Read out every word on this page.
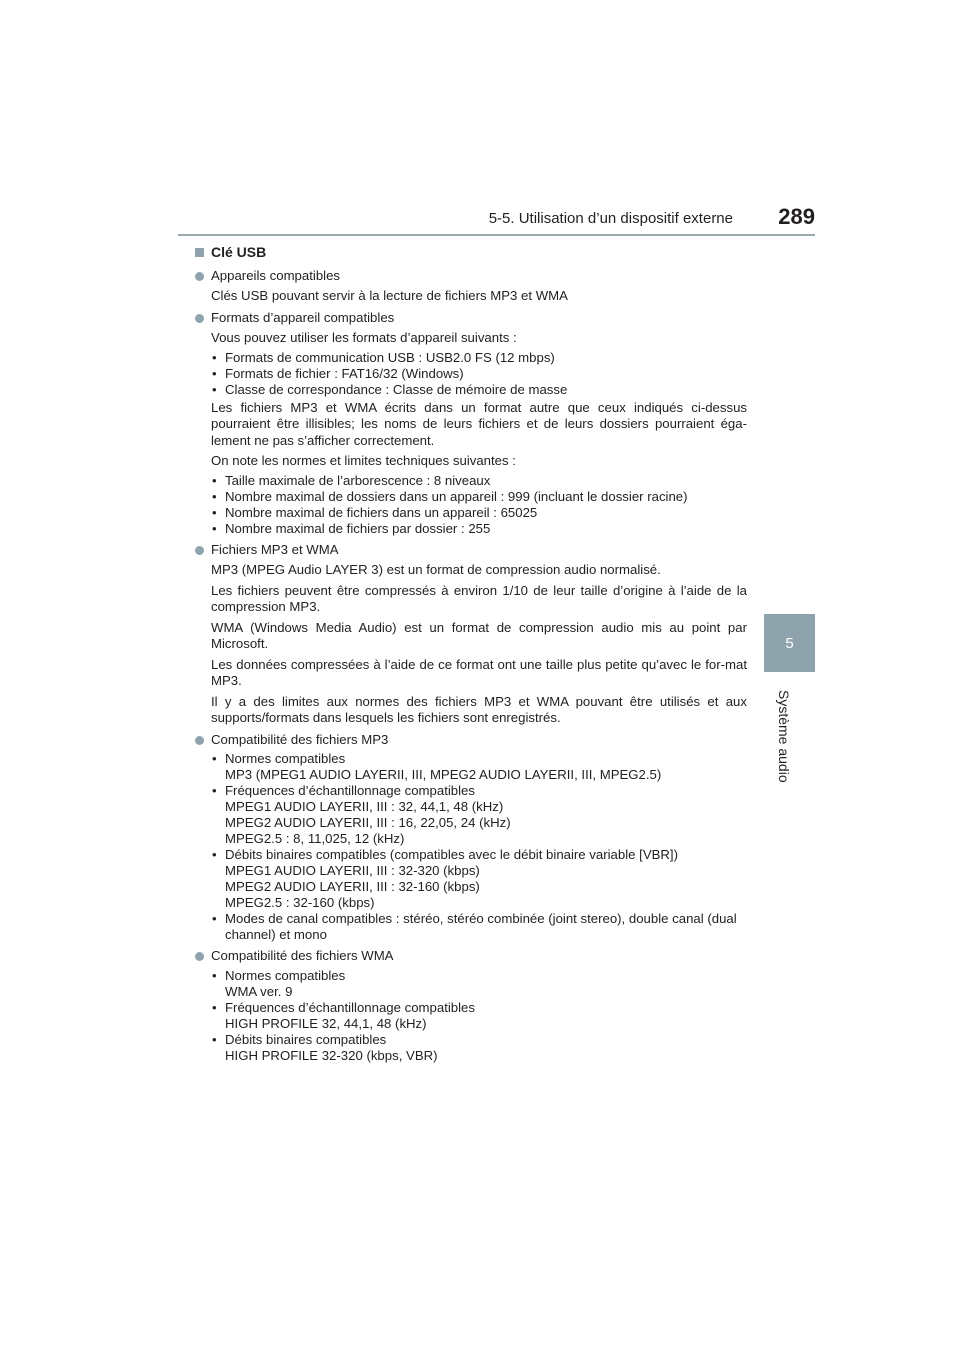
5-5. Utilisation d’un dispositif externe 289
5
Système audio
Clé USB
Appareils compatibles
Clés USB pouvant servir à la lecture de fichiers MP3 et WMA
Formats d’appareil compatibles
Vous pouvez utiliser les formats d’appareil suivants :
• Formats de communication USB : USB2.0 FS (12 mbps)
• Formats de fichier : FAT16/32 (Windows)
• Classe de correspondance : Classe de mémoire de masse
Les fichiers MP3 et WMA écrits dans un format autre que ceux indiqués ci-dessus pourraient être illisibles; les noms de leurs fichiers et de leurs dossiers pourraient éga-lement ne pas s’afficher correctement.
On note les normes et limites techniques suivantes :
• Taille maximale de l’arborescence : 8 niveaux
• Nombre maximal de dossiers dans un appareil : 999 (incluant le dossier racine)
• Nombre maximal de fichiers dans un appareil : 65025
• Nombre maximal de fichiers par dossier : 255
Fichiers MP3 et WMA
MP3 (MPEG Audio LAYER 3) est un format de compression audio normalisé.
Les fichiers peuvent être compressés à environ 1/10 de leur taille d’origine à l’aide de la compression MP3.
WMA (Windows Media Audio) est un format de compression audio mis au point par Microsoft.
Les données compressées à l’aide de ce format ont une taille plus petite qu’avec le for-mat MP3.
Il y a des limites aux normes des fichiers MP3 et WMA pouvant être utilisés et aux supports/formats dans lesquels les fichiers sont enregistrés.
Compatibilité des fichiers MP3
• Normes compatibles
MP3 (MPEG1 AUDIO LAYERII, III, MPEG2 AUDIO LAYERII, III, MPEG2.5)
• Fréquences d’échantillonnage compatibles
MPEG1 AUDIO LAYERII, III : 32, 44,1, 48 (kHz)
MPEG2 AUDIO LAYERII, III : 16, 22,05, 24 (kHz)
MPEG2.5 : 8, 11,025, 12 (kHz)
• Débits binaires compatibles (compatibles avec le débit binaire variable [VBR])
MPEG1 AUDIO LAYERII, III : 32-320 (kbps)
MPEG2 AUDIO LAYERII, III : 32-160 (kbps)
MPEG2.5 : 32-160 (kbps)
• Modes de canal compatibles : stéréo, stéréo combinée (joint stereo), double canal (dual channel) et mono
Compatibilité des fichiers WMA
• Normes compatibles
WMA ver. 9
• Fréquences d’échantillonnage compatibles
HIGH PROFILE 32, 44,1, 48 (kHz)
• Débits binaires compatibles
HIGH PROFILE 32-320 (kbps, VBR)
